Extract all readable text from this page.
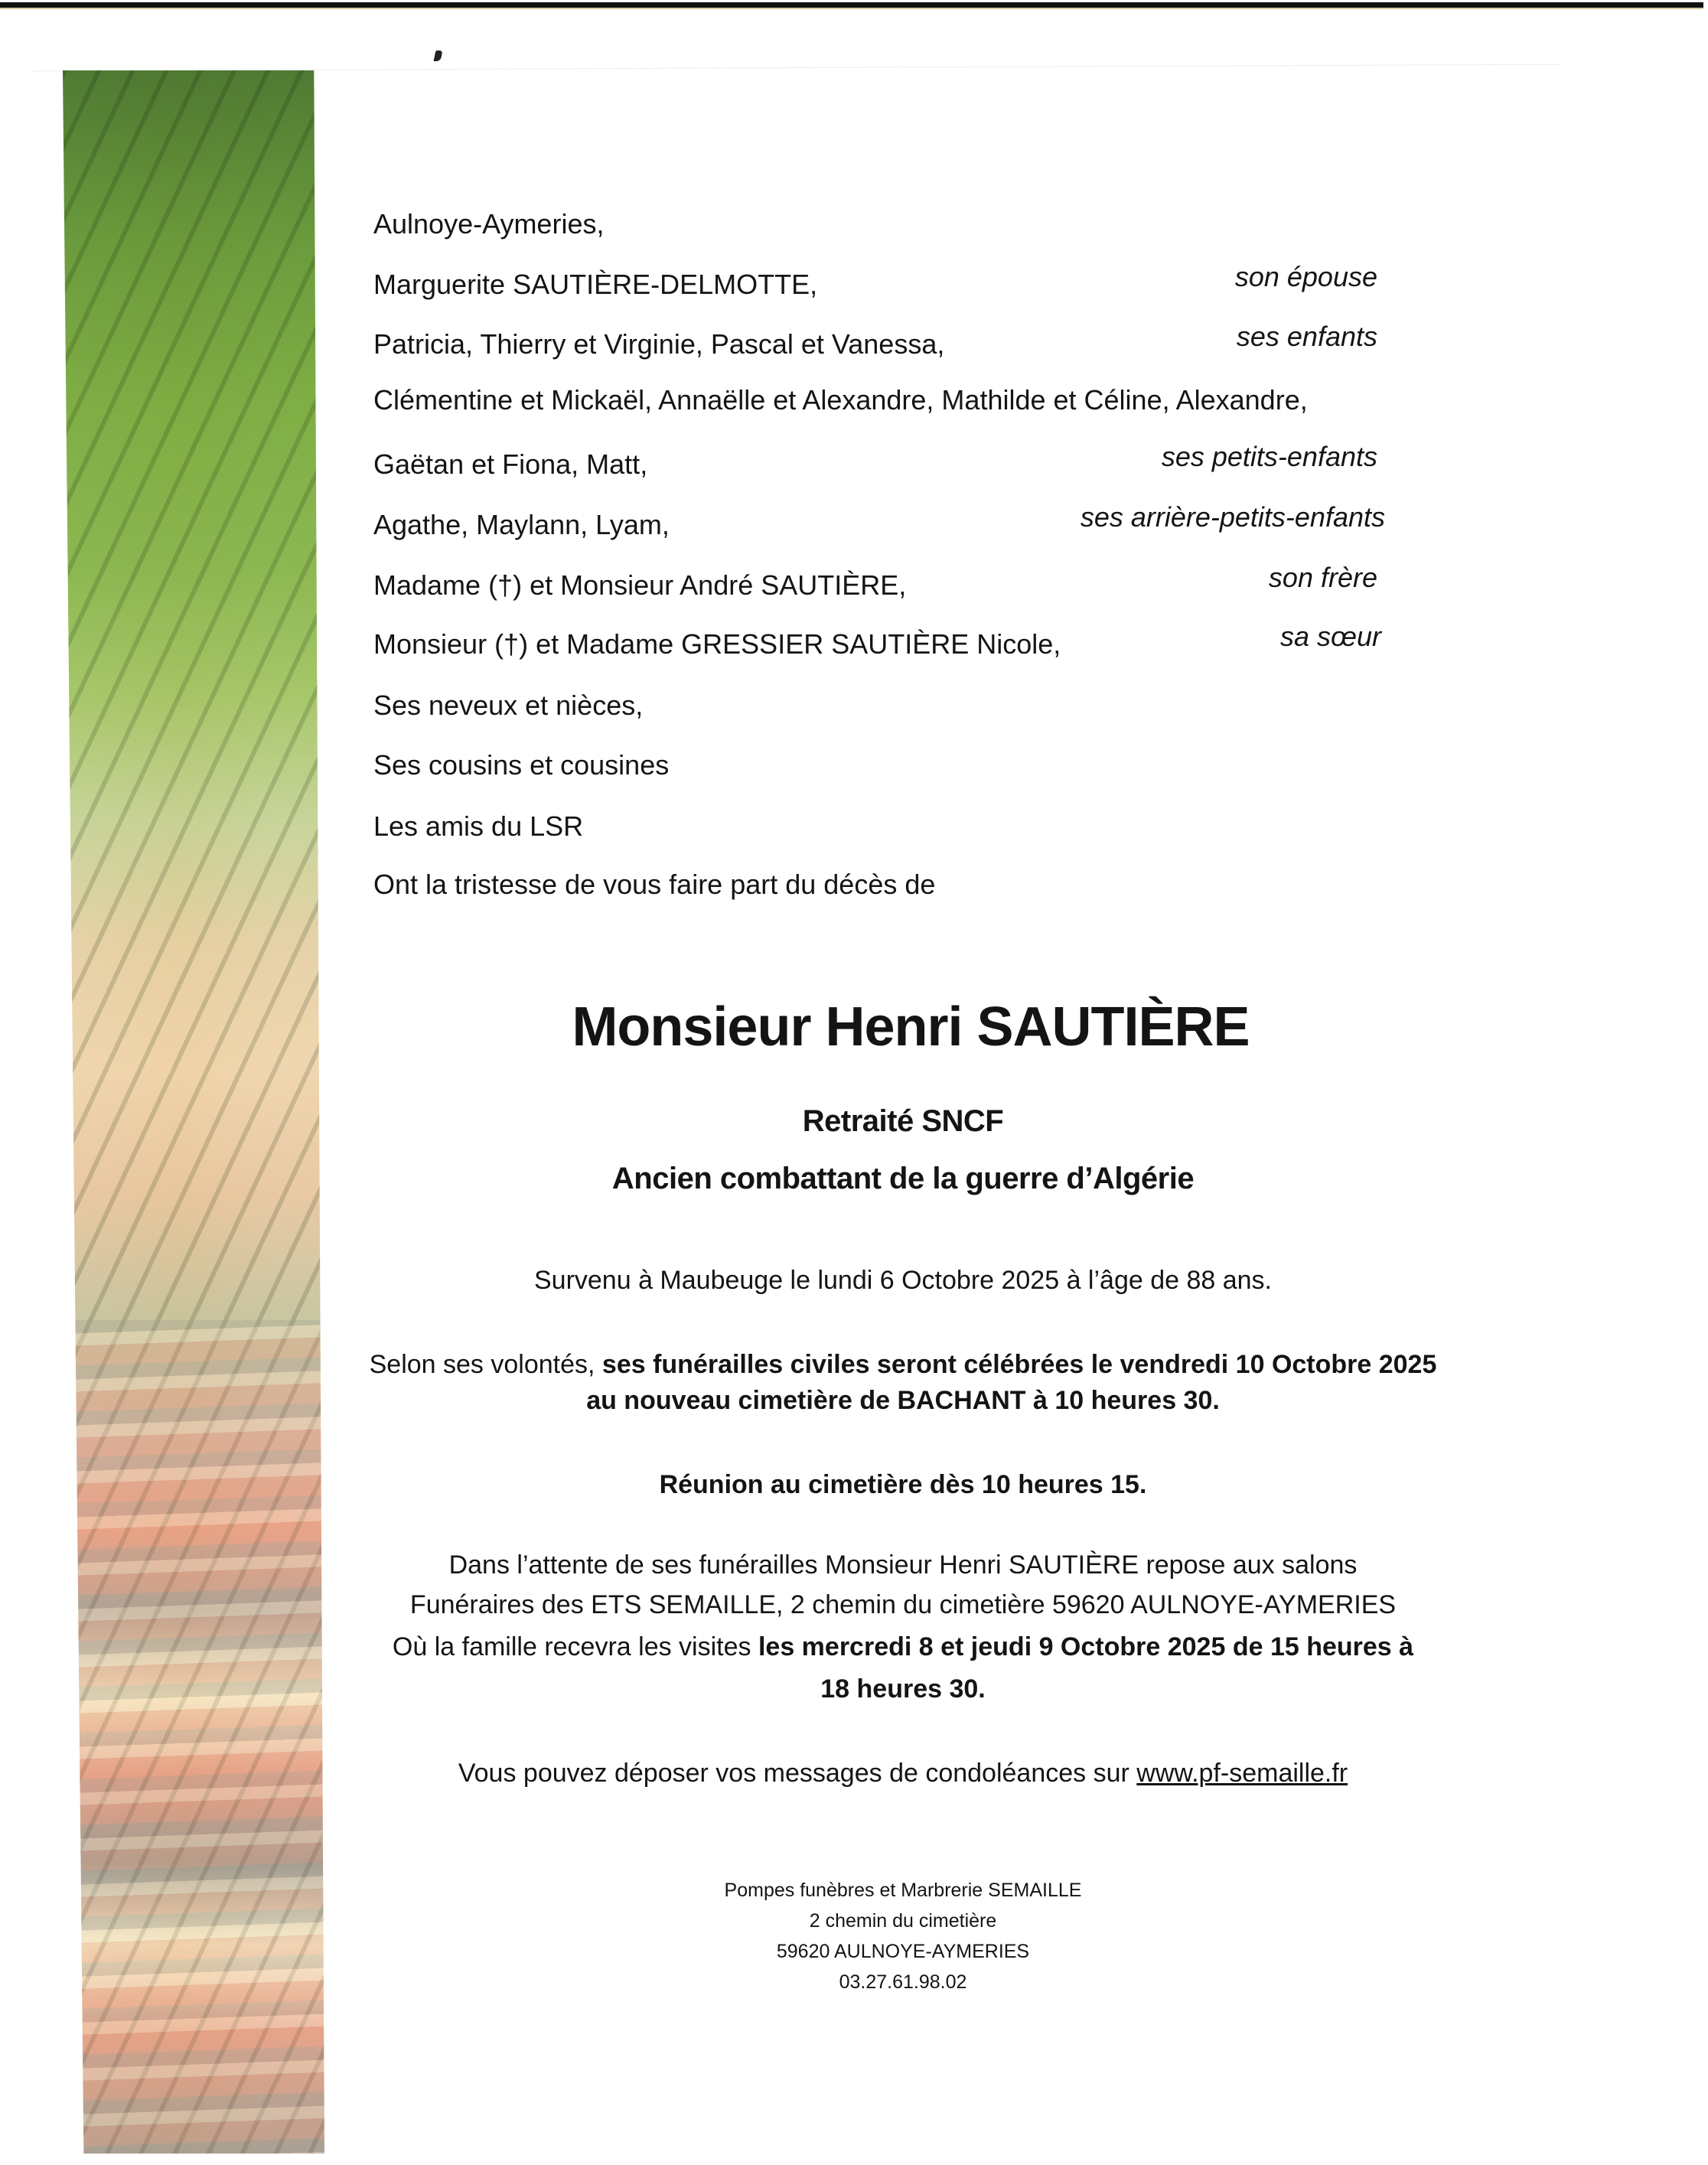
Aulnoye-Aymeries,
Marguerite SAUTIÈRE-DELMOTTE,	son épouse
Patricia, Thierry et Virginie, Pascal et Vanessa,	ses enfants
Clémentine et Mickaël, Annaëlle et Alexandre, Mathilde et Céline, Alexandre,
Gaëtan et Fiona, Matt,	ses petits-enfants
Agathe, Maylann, Lyam,	ses arrière-petits-enfants
Madame (†) et Monsieur André SAUTIÈRE,	son frère
Monsieur (†) et Madame GRESSIER SAUTIÈRE Nicole,	sa sœur
Ses neveux et nièces,
Ses cousins et cousines
Les amis du LSR
Ont la tristesse de vous faire part du décès de
Monsieur Henri SAUTIÈRE
Retraité SNCF
Ancien combattant de la guerre d’Algérie
Survenu à Maubeuge le lundi 6 Octobre 2025 à l’âge de 88 ans.
Selon ses volontés, ses funérailles civiles seront célébrées le vendredi 10 Octobre 2025
au nouveau cimetière de BACHANT à 10 heures 30.
Réunion au cimetière dès 10 heures 15.
Dans l’attente de ses funérailles Monsieur Henri SAUTIÈRE repose aux salons
Funéraires des ETS SEMAILLE, 2 chemin du cimetière 59620 AULNOYE-AYMERIES
Où la famille recevra les visites les mercredi 8 et jeudi 9 Octobre 2025 de 15 heures à
18 heures 30.
Vous pouvez déposer vos messages de condoléances sur www.pf-semaille.fr
Pompes funèbres et Marbrerie SEMAILLE
2 chemin du cimetière
59620 AULNOYE-AYMERIES
03.27.61.98.02
